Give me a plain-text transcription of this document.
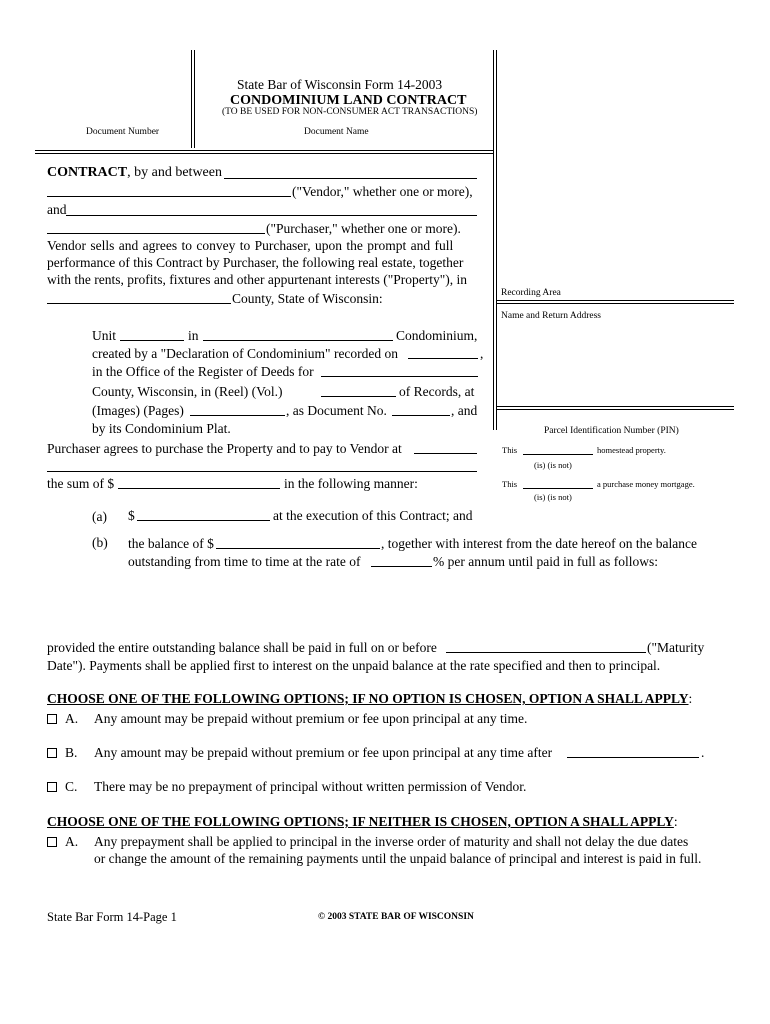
State Bar of Wisconsin Form 14-2003
CONDOMINIUM LAND CONTRACT
(TO BE USED FOR NON-CONSUMER ACT TRANSACTIONS)
Document Number	Document Name
Recording Area
Name and Return Address
Parcel Identification Number (PIN)
This	homestead property.
(is) (is not)
This	a purchase money mortgage.
(is) (is not)
CONTRACT, by and between
("Vendor," whether one or more),
and
("Purchaser," whether one or more).
Vendor sells and agrees to convey to Purchaser, upon the prompt and full
performance of this Contract by Purchaser, the following real estate, together
with the rents, profits, fixtures and other appurtenant interests ("Property"), in
County, State of Wisconsin:
Unit	in	Condominium,
created by a "Declaration of Condominium" recorded on	,
in the Office of the Register of Deeds for
County, Wisconsin, in (Reel) (Vol.)	of Records, at
(Images) (Pages)	, as Document No.	, and
by its Condominium Plat.
Purchaser agrees to purchase the Property and to pay to Vendor at
the sum of $	in the following manner:
(a) $	at the execution of this Contract; and
(b) the balance of $	, together with interest from the date hereof on the balance
outstanding from time to time at the rate of	% per annum until paid in full as follows:
provided the entire outstanding balance shall be paid in full on or before	("Maturity
Date"). Payments shall be applied first to interest on the unpaid balance at the rate specified and then to principal.
CHOOSE ONE OF THE FOLLOWING OPTIONS; IF NO OPTION IS CHOSEN, OPTION A SHALL APPLY:
A. Any amount may be prepaid without premium or fee upon principal at any time.
B. Any amount may be prepaid without premium or fee upon principal at any time after	.
C. There may be no prepayment of principal without written permission of Vendor.
CHOOSE ONE OF THE FOLLOWING OPTIONS; IF NEITHER IS CHOSEN, OPTION A SHALL APPLY:
A. Any prepayment shall be applied to principal in the inverse order of maturity and shall not delay the due dates
or change the amount of the remaining payments until the unpaid balance of principal and interest is paid in full.
State Bar Form 14-Page 1	© 2003 STATE BAR OF WISCONSIN
